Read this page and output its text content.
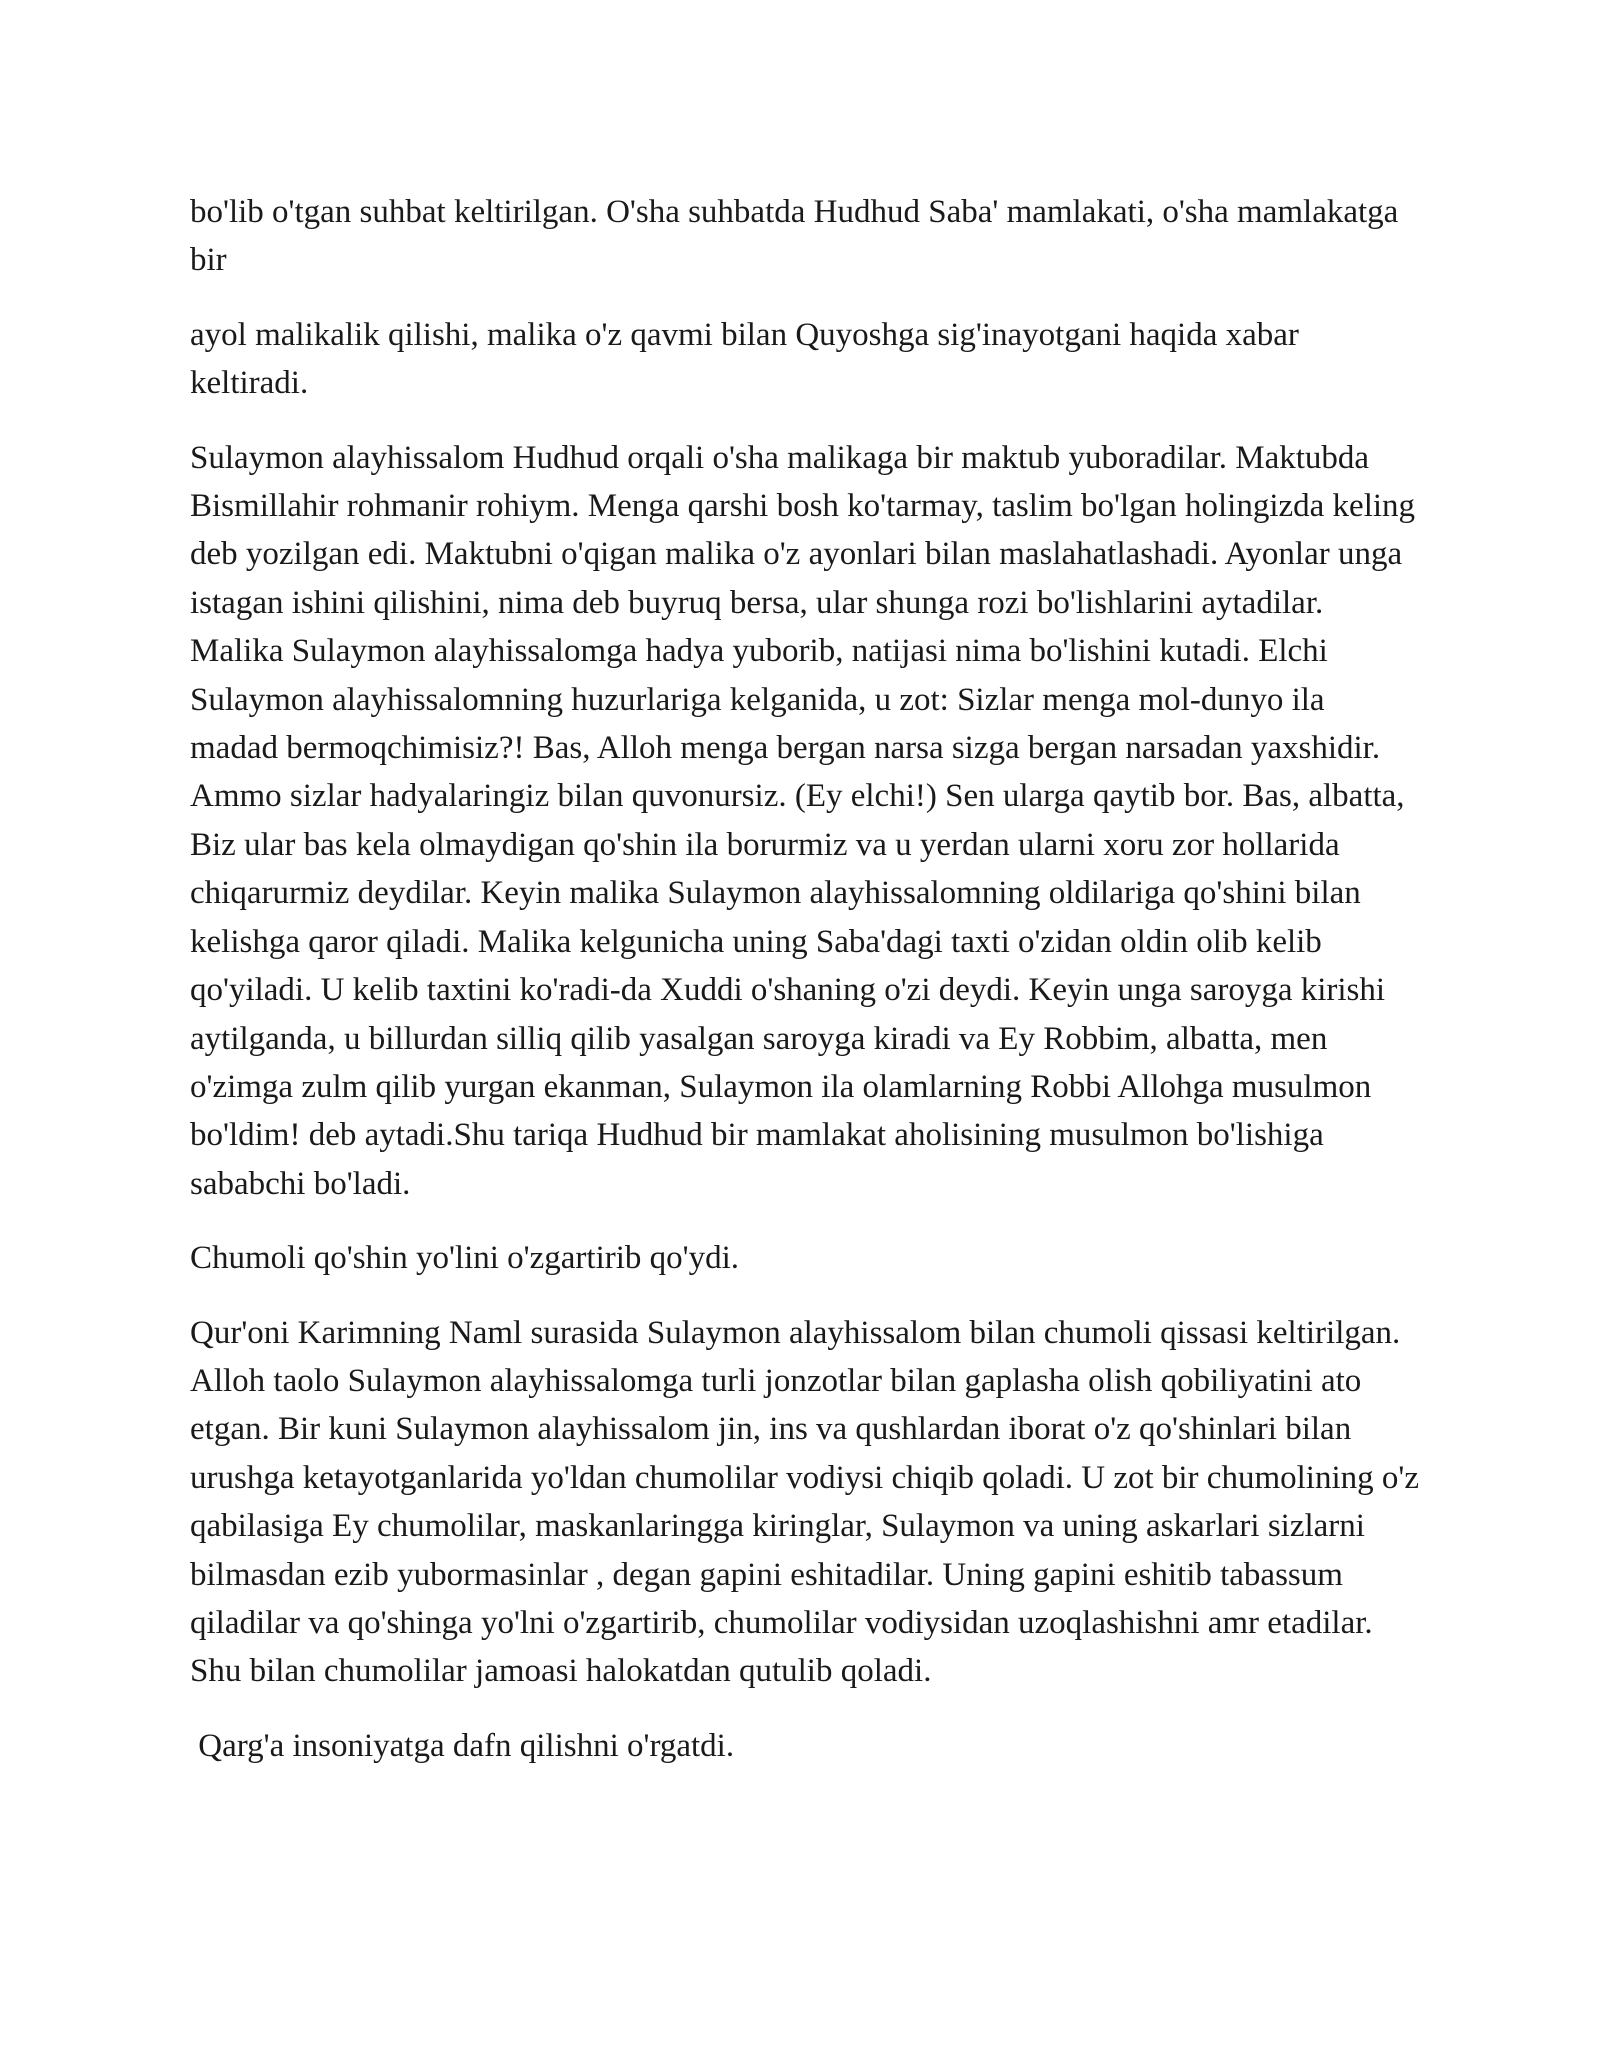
bo'lib o'tgan suhbat keltirilgan. O'sha suhbatda Hudhud Saba' mamlakati, o'sha mamlakatga bir

ayol malikalik qilishi, malika o'z qavmi bilan Quyoshga sig'inayotgani haqida xabar keltiradi.

Sulaymon alayhissalom Hudhud orqali o'sha malikaga bir maktub yuboradilar. Maktubda Bismillahir rohmanir rohiym. Menga qarshi bosh ko'tarmay, taslim bo'lgan holingizda keling deb yozilgan edi. Maktubni o'qigan malika o'z ayonlari bilan maslahatlashadi. Ayonlar unga istagan ishini qilishini, nima deb buyruq bersa, ular shunga rozi bo'lishlarini aytadilar. Malika Sulaymon alayhissalomga hadya yuborib, natijasi nima bo'lishini kutadi. Elchi Sulaymon alayhissalomning huzurlariga kelganida, u zot: Sizlar menga mol-dunyo ila madad bermoqchimisiz?! Bas, Alloh menga bergan narsa sizga bergan narsadan yaxshidir. Ammo sizlar hadyalaringiz bilan quvonursiz. (Ey elchi!) Sen ularga qaytib bor. Bas, albatta, Biz ular bas kela olmaydigan qo'shin ila borurmiz va u yerdan ularni xoru zor hollarida chiqarurmiz deydilar. Keyin malika Sulaymon alayhissalomning oldilariga qo'shini bilan kelishga qaror qiladi. Malika kelgunicha uning Saba'dagi taxti o'zidan oldin olib kelib qo'yiladi. U kelib taxtini ko'radi-da Xuddi o'shaning o'zi deydi. Keyin unga saroyga kirishi aytilganda, u billurdan silliq qilib yasalgan saroyga kiradi va Ey Robbim, albatta, men o'zimga zulm qilib yurgan ekanman, Sulaymon ila olamlarning Robbi Allohga musulmon bo'ldim! deb aytadi.Shu tariqa Hudhud bir mamlakat aholisining musulmon bo'lishiga sababchi bo'ladi.

Chumoli qo'shin yo'lini o'zgartirib qo'ydi.

Qur'oni Karimning Naml surasida Sulaymon alayhissalom bilan chumoli qissasi keltirilgan. Alloh taolo Sulaymon alayhissalomga turli jonzotlar bilan gaplasha olish qobiliyatini ato etgan. Bir kuni Sulaymon alayhissalom jin, ins va qushlardan iborat o'z qo'shinlari bilan urushga ketayotganlarida yo'ldan chumolilar vodiysi chiqib qoladi. U zot bir chumolining o'z qabilasiga Ey chumolilar, maskanlaringga kiringlar, Sulaymon va uning askarlari sizlarni bilmasdan ezib yubormasinlar , degan gapini eshitadilar. Uning gapini eshitib tabassum qiladilar va qo'shinga yo'lni o'zgartirib, chumolilar vodiysidan uzoqlashishni amr etadilar. Shu bilan chumolilar jamoasi halokatdan qutulib qoladi.

Qarg'a insoniyatga dafn qilishni o'rgatdi.
